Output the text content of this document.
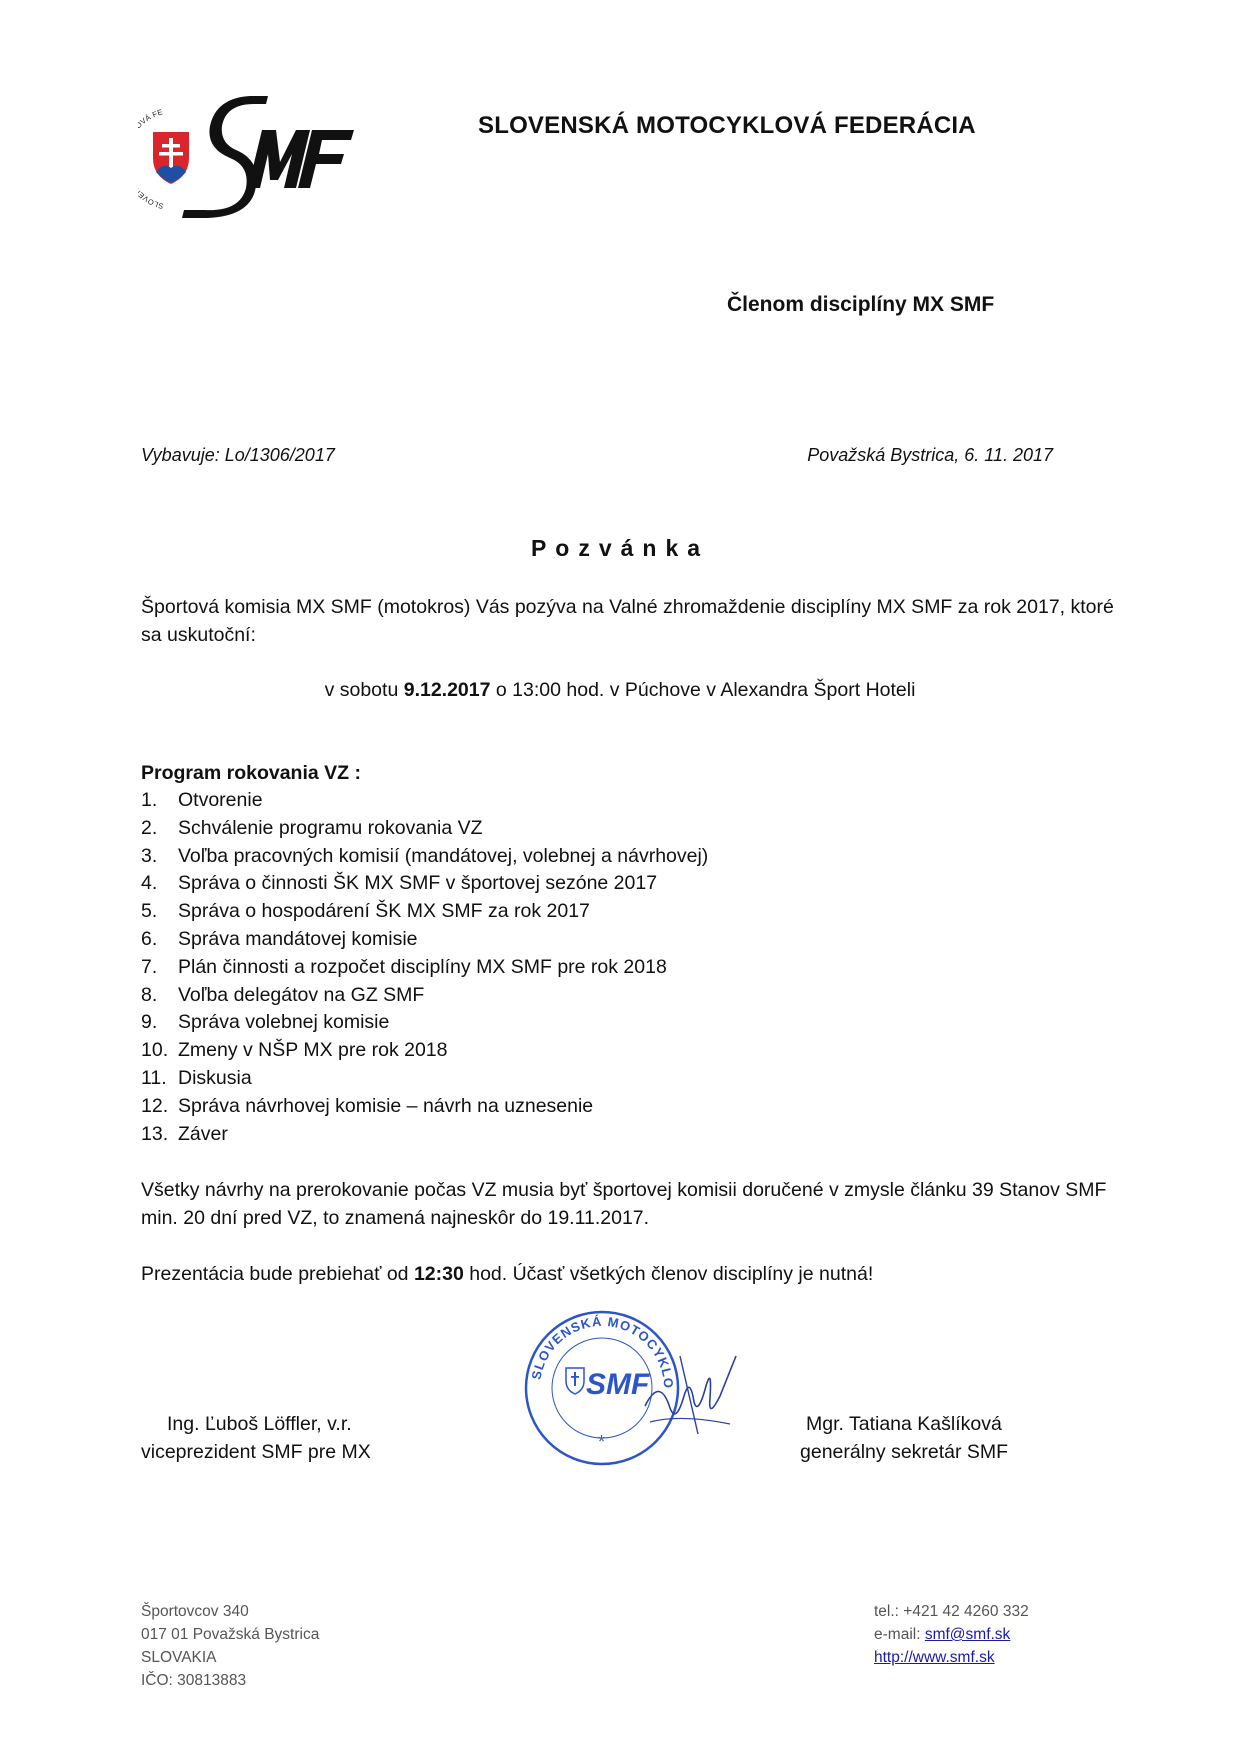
SLOV VÁ FE	SLOVENSKÁ MOTOCYKLOVÁ FEDERÁCIA
Členom disciplíny MX SMF
Vybavuje: Lo/1306/2017	Považská Bystrica, 6. 11. 2017
Pozvánka
Športová komisia MX SMF (motokros) Vás pozýva na Valné zhromaždenie disciplíny MX SMF za rok 2017, ktoré sa uskutoční:
v sobotu 9.12.2017 o 13:00 hod. v Púchove v Alexandra Šport Hoteli
Program rokovania VZ :
1.	Otvorenie
2.	Schválenie programu rokovania VZ
3.	Voľba pracovných komisií (mandátovej, volebnej a návrhovej)
4.	Správa o činnosti ŠK MX SMF v športovej sezóne 2017
5.	Správa o hospodárení ŠK MX SMF za rok 2017
6.	Správa mandátovej komisie
7.	Plán činnosti a rozpočet disciplíny MX SMF pre rok 2018
8.	Voľba delegátov na GZ SMF
9.	Správa volebnej komisie
10. Zmeny v NŠP MX pre rok 2018
11. Diskusia
12. Správa návrhovej komisie – návrh na uznesenie
13. Záver
Všetky návrhy na prerokovanie počas VZ musia byť športovej komisii doručené v zmysle článku 39 Stanov SMF min. 20 dní pred VZ, to znamená najneskôr do 19.11.2017.
Prezentácia bude prebiehať od 12:30 hod. Účasť všetkých členov disciplíny je nutná!
SLOVENSKÁ MOTOCYKLO
SMF
*
Ing. Ľuboš Löffler, v.r.
viceprezident SMF pre MX
Mgr. Tatiana Kašlíková
generálny sekretár SMF
Športovcov 340
017 01 Považská Bystrica
SLOVAKIA
IČO: 30813883
tel.: +421 42 4260 332
e-mail: smf@smf.sk
http://www.smf.sk
